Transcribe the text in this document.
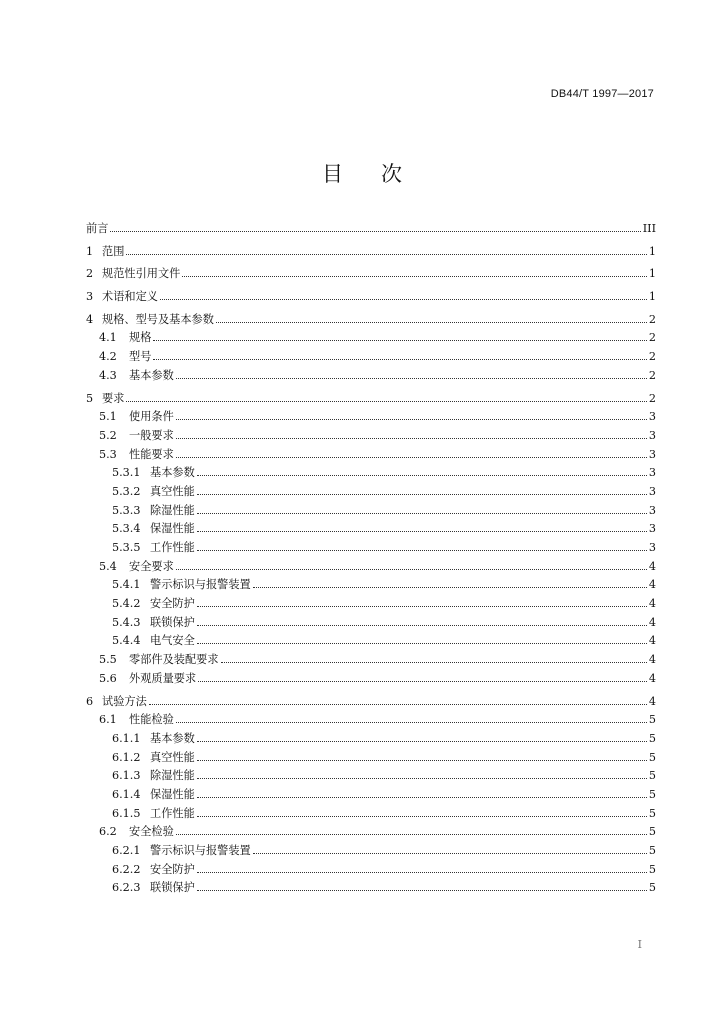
DB44/T 1997—2017
目次
前言	III
1 范围	1
2 规范性引用文件	1
3 术语和定义	1
4 规格、型号及基本参数	2
4.1	规格	2
4.2	型号	2
4.3	基本参数	2
5 要求	2
5.1	使用条件	3
5.2	一般要求	3
5.3	性能要求	3
5.3.1 基本参数	3
5.3.2 真空性能	3
5.3.3 除湿性能	3
5.3.4 保湿性能	3
5.3.5 工作性能	3
5.4	安全要求	4
5.4.1 警示标识与报警装置	4
5.4.2 安全防护	4
5.4.3 联锁保护	4
5.4.4 电气安全	4
5.5	零部件及装配要求	4
5.6	外观质量要求	4
6 试验方法	4
6.1	性能检验	5
6.1.1 基本参数	5
6.1.2 真空性能	5
6.1.3 除湿性能	5
6.1.4 保湿性能	5
6.1.5 工作性能	5
6.2	安全检验	5
6.2.1 警示标识与报警装置	5
6.2.2 安全防护	5
6.2.3 联锁保护	5
I
